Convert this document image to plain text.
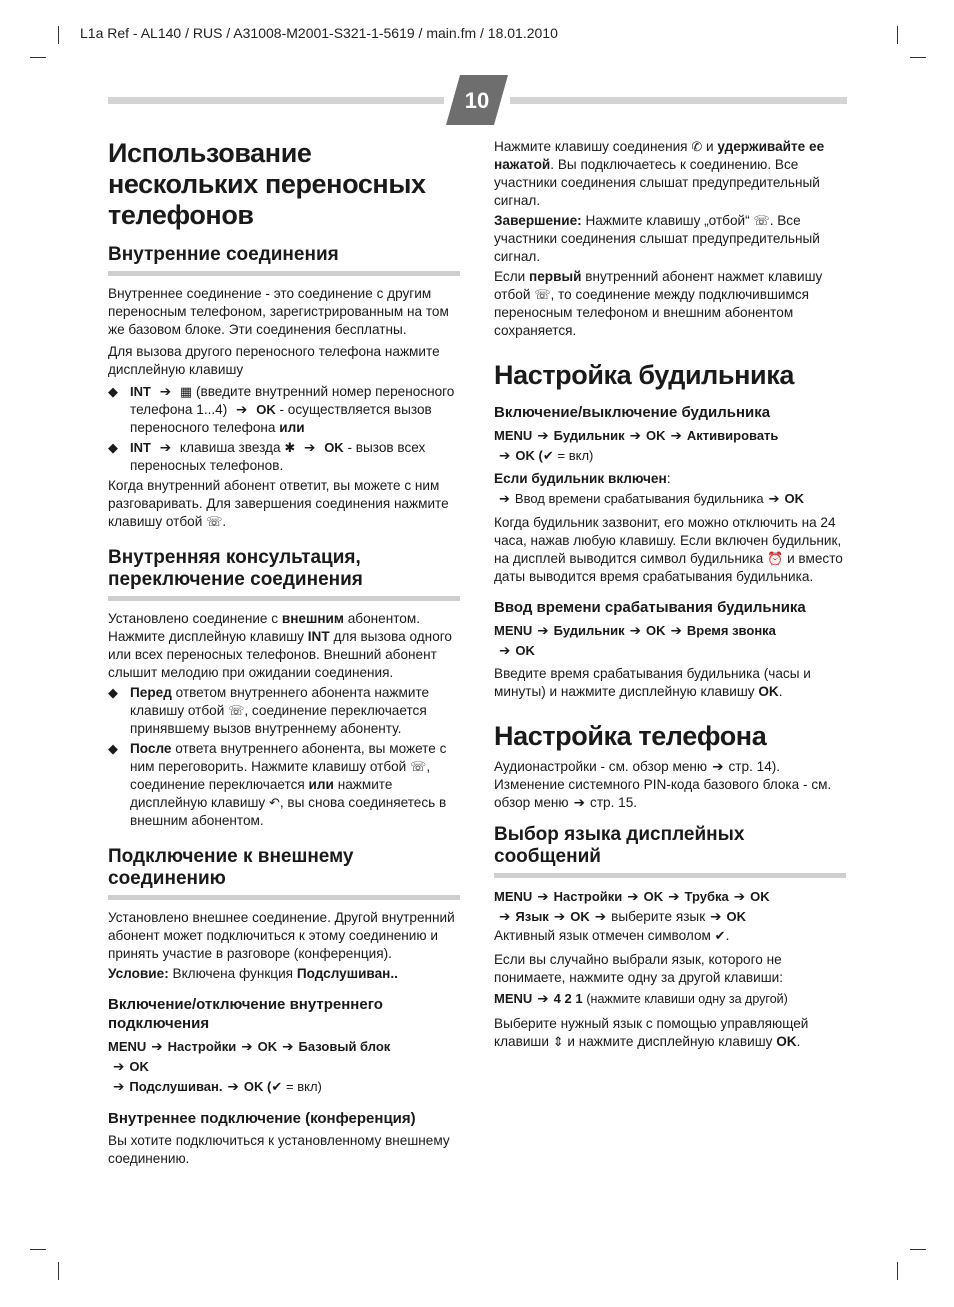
L1a Ref - AL140 / RUS / A31008-M2001-S321-1-5619 / main.fm / 18.01.2010
10
Использование нескольких переносных телефонов
Внутренние соединения

Внутреннее соединение - это соединение с другим переносным телефоном, зарегистрированным на том же базовом блоке. Эти соединения бесплатны.

Для вызова другого переносного телефона нажмите дисплейную клавишу

◆ INT ➔ ▦ (введите внутренний номер переносного телефона 1...4) ➔ OK - осуществляется вызов переносного телефона или
◆ INT ➔ клавиша звезда ✱ ➔ OK - вызов всех переносных телефонов.

Когда внутренний абонент ответит, вы можете с ним разговаривать. Для завершения соединения нажмите клавишу отбой ☏.

Внутренняя консультация, переключение соединения

Установлено соединение с внешним абонентом. Нажмите дисплейную клавишу INT для вызова одного или всех переносных телефонов. Внешний абонент слышит мелодию при ожидании соединения.

◆ Перед ответом внутреннего абонента нажмите клавишу отбой ☏, соединение переключается принявшему вызов внутреннему абоненту.
◆ После ответа внутреннего абонента, вы можете с ним переговорить. Нажмите клавишу отбой ☏, соединение переключается или нажмите дисплейную клавишу ↶, вы снова соединяетесь в внешним абонентом.
Подключение к внешнему соединению

Установлено внешнее соединение. Другой внутренний абонент может подключиться к этому соединению и принять участие в разговоре (конференция).

Условие: Включена функция Подслушиван..

Включение/отключение внутреннего подключения

MENU ➔ Настройки ➔ OK ➔ Базовый блок
➔ OK
➔ Подслушиван. ➔ OK (✔ = вкл)

Внутреннее подключение (конференция)

Вы хотите подключиться к установленному внешнему соединению.

Нажмите клавишу соединения ✆ и удерживайте ее нажатой. Вы подключаетесь к соединению. Все участники соединения слышат предупредительный сигнал.

Завершение: Нажмите клавишу „отбой“ ☏. Все участники соединения слышат предупредительный сигнал.

Если первый внутренний абонент нажмет клавишу отбой ☏, то соединение между подключившимся переносным телефоном и внешним абонентом сохраняется.

Настройка будильника
Включение/выключение будильника

MENU ➔ Будильник ➔ OK ➔ Активировать
➔ OK (✔ = вкл)

Если будильник включен:

➔ Ввод времени срабатывания будильника ➔ OK

Когда будильник зазвонит, его можно отключить на 24 часа, нажав любую клавишу. Если включен будильник, на дисплей выводится символ будильника ⏰ и вместо даты выводится время срабатывания будильника.

Ввод времени срабатывания будильника

MENU ➔ Будильник ➔ OK ➔ Время звонка
➔ OK

Введите время срабатывания будильника (часы и минуты) и нажмите дисплейную клавишу OK.

Настройка телефона

Аудионастройки - см. обзор меню ➔ стр. 14).

Изменение системного PIN-кода базового блока - см. обзор меню ➔ стр. 15.

Выбор языка дисплейных сообщений

MENU ➔ Настройки ➔ OK ➔ Трубка ➔ OK
➔ Язык ➔ OK ➔ выберите язык ➔ OK

Активный язык отмечен символом ✔.

Если вы случайно выбрали язык, которого не понимаете, нажмите одну за другой клавиши:

MENU ➔ 4 2 1 (нажмите клавиши одну за другой)

Выберите нужный язык с помощью управляющей клавиши ⇕ и нажмите дисплейную клавишу OK.
